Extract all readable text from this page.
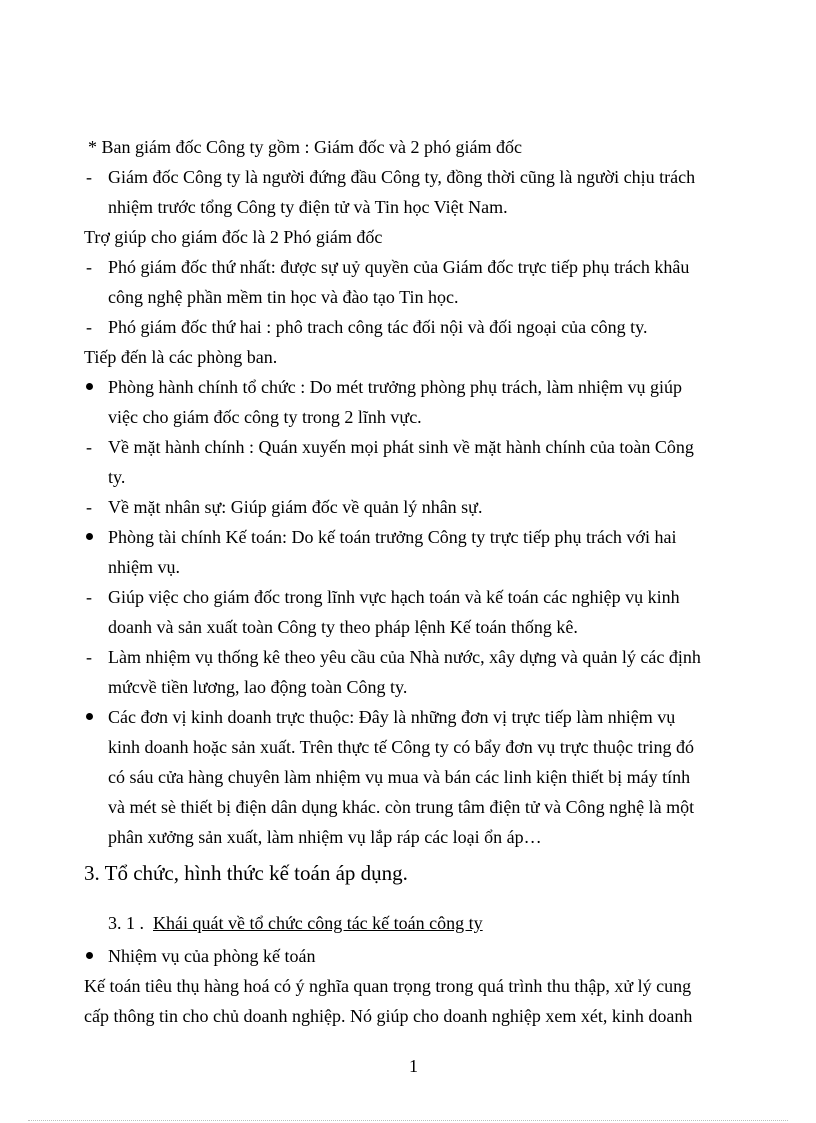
* Ban giám đốc Công ty gồm : Giám đốc và 2 phó giám đốc
- Giám đốc Công ty là người đứng đầu Công ty, đồng thời cũng là người chịu trách
nhiệm trước tổng Công ty điện tử và Tin học Việt Nam.
Trợ giúp cho giám đốc là 2 Phó giám đốc
- Phó giám đốc thứ nhất: được sự uỷ quyền của Giám đốc trực tiếp phụ trách khâu
công nghệ phần mềm tin học và đào tạo Tin học.
- Phó giám đốc thứ hai : phô trach công tác đối nội và đối ngoại của công ty.
Tiếp đến là các phòng ban.
Phòng hành chính tổ chức : Do mét trưởng phòng phụ trách, làm nhiệm vụ giúp
việc cho giám đốc công ty trong 2 lĩnh vực.
- Về mặt hành chính : Quán xuyến mọi phát sinh về mặt hành chính của toàn Công
ty.
- Về mặt nhân sự: Giúp giám đốc về quản lý nhân sự.
Phòng tài chính Kế toán: Do kế toán trưởng Công ty trực tiếp phụ trách với hai
nhiệm vụ.
- Giúp việc cho giám đốc trong lĩnh vực hạch toán và kế toán các nghiệp vụ kinh
doanh và sản xuất toàn Công ty theo pháp lệnh Kế toán thống kê.
- Làm nhiệm vụ thống kê theo yêu cầu của Nhà nước, xây dựng và quản lý các định
mứcvề tiền lương, lao động toàn Công ty.
Các đơn vị kinh doanh trực thuộc: Đây là những đơn vị trực tiếp làm nhiệm vụ
kinh doanh hoặc sản xuất. Trên thực tế Công ty có bẩy đơn vụ trực thuộc tring đó
có sáu cửa hàng chuyên làm nhiệm vụ mua và bán các linh kiện thiết bị máy tính
và mét sè thiết bị điện dân dụng khác. còn trung tâm điện tử và Công nghệ là một
phân xưởng sản xuất, làm nhiệm vụ lắp ráp các loại ổn áp…
3. Tổ chức, hình thức kế toán áp dụng.
3. 1 . Khái quát về tổ chức công tác kế toán công ty
Nhiệm vụ của phòng kế toán
Kế toán tiêu thụ hàng hoá có ý nghĩa quan trọng trong quá trình thu thập, xử lý cung
cấp thông tin cho chủ doanh nghiệp. Nó giúp cho doanh nghiệp xem xét, kinh doanh
1
